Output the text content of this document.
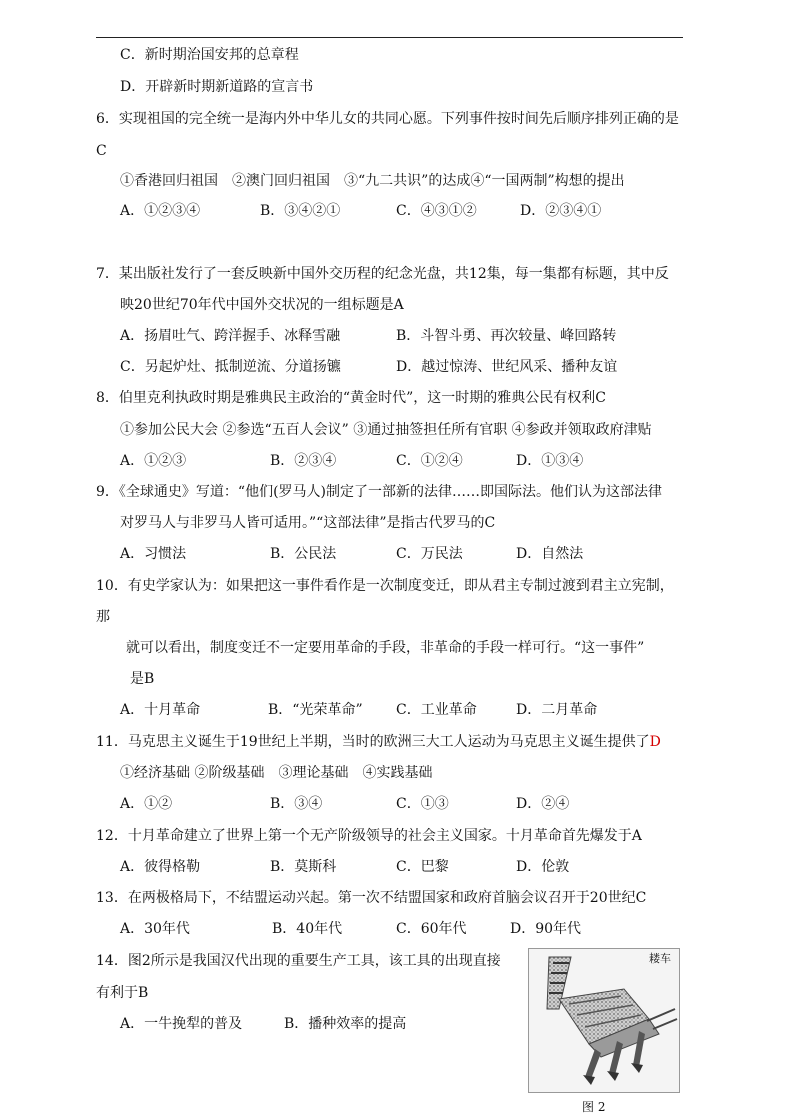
C．新时期治国安邦的总章程
D．开辟新时期新道路的宣言书
6．实现祖国的完全统一是海内外中华儿女的共同心愿。下列事件按时间先后顺序排列正确的是
C
①香港回归祖国　②澳门回归祖国　③“九二共识”的达成④“一国两制”构想的提出
A．①②③④	B．③④②①	C．④③①②	D．②③④①
7．某出版社发行了一套反映新中国外交历程的纪念光盘，共12集，每一集都有标题，其中反
映20世纪70年代中国外交状况的一组标题是A
A．扬眉吐气、跨洋握手、冰释雪融	B．斗智斗勇、再次较量、峰回路转
C．另起炉灶、抵制逆流、分道扬镳	D．越过惊涛、世纪风采、播种友谊
8．伯里克利执政时期是雅典民主政治的“黄金时代”，这一时期的雅典公民有权利C
①参加公民大会 ②参选“五百人会议” ③通过抽签担任所有官职 ④参政并领取政府津贴
A．①②③	B．②③④	C．①②④	D．①③④
9．《全球通史》写道：“他们(罗马人)制定了一部新的法律……即国际法。他们认为这部法律
对罗马人与非罗马人皆可适用。”“这部法律”是指古代罗马的C
A．习惯法	B．公民法	C．万民法	D．自然法
10．有史学家认为：如果把这一事件看作是一次制度变迁，即从君主专制过渡到君主立宪制，
那
就可以看出，制度变迁不一定要用革命的手段，非革命的手段一样可行。“这一事件”
是B
A．十月革命	B．“光荣革命” C．工业革命	D．二月革命
11．马克思主义诞生于19世纪上半期，当时的欧洲三大工人运动为马克思主义诞生提供了D
①经济基础 ②阶级基础　③理论基础　④实践基础
A．①②	B．③④	C．①③	D．②④
12．十月革命建立了世界上第一个无产阶级领导的社会主义国家。十月革命首先爆发于A
A．彼得格勒	B．莫斯科	C．巴黎	D．伦敦
13．在两极格局下，不结盟运动兴起。第一次不结盟国家和政府首脑会议召开于20世纪C
A．30年代	B．40年代	C．60年代	D．90年代
14．图2所示是我国汉代出现的重要生产工具，该工具的出现直接
有利于B
A．一牛挽犁的普及	B．播种效率的提高
耧车
图 2
